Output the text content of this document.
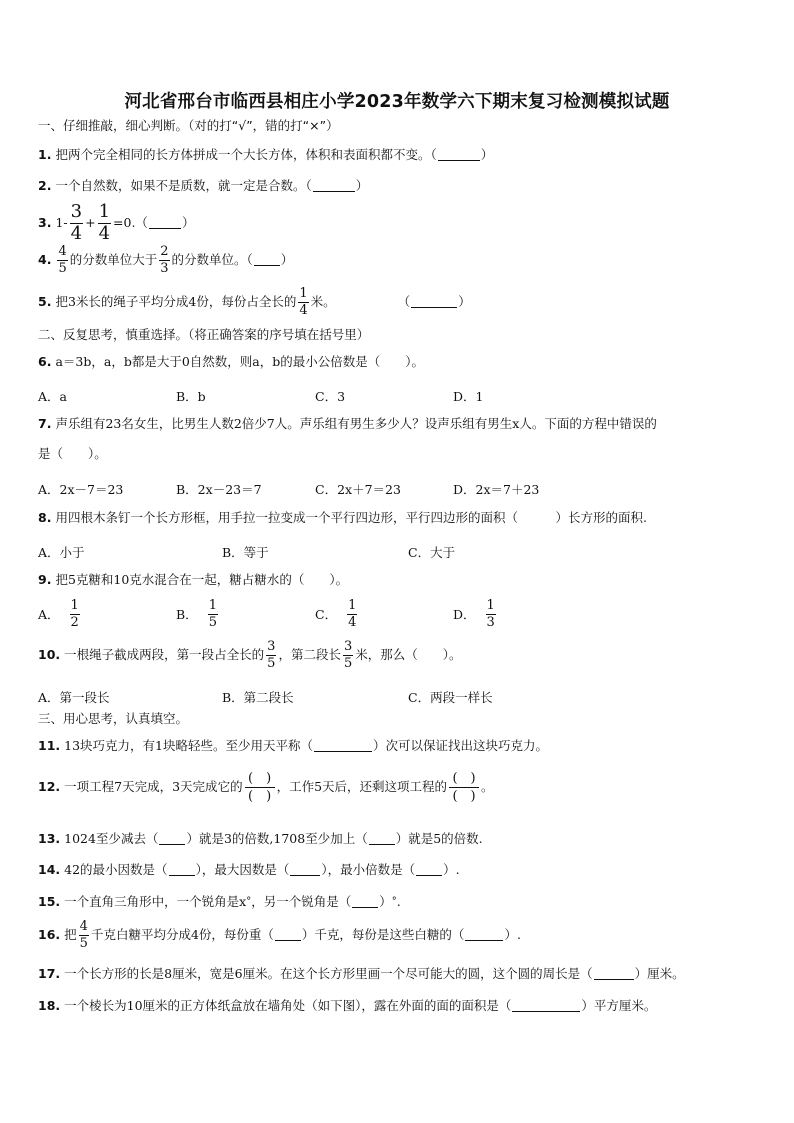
河北省邢台市临西县相庄小学2023年数学六下期末复习检测模拟试题
一、仔细推敲，细心判断。（对的打“√”，错的打“×”）
1. 把两个完全相同的长方体拼成一个大长方体，体积和表面积都不变。（	）
2. 一个自然数，如果不是质数，就一定是合数。（	）
3. $1- \frac{3}{4} + \frac{1}{4} =0$.（	）
4. $\frac{4}{5}$ 的分数单位大于 $\frac{2}{3}$ 的分数单位。（ ）
5. 把3米长的绳子平均分成4份，每份占全长的 $\frac{1}{4}$ 米。	（	）
二、反复思考，慎重选择。（将正确答案的序号填在括号里）
6. a＝3b，a，b都是大于0自然数，则a，b的最小公倍数是（　　）。
A．a	B．b	C．3	D．1
7. 声乐组有23名女生，比男生人数2倍少7人。声乐组有男生多少人？设声乐组有男生x人。下面的方程中错误的
是（　　）。
A．2x－7＝23	B．2x－23＝7	C．2x＋7＝23	D．2x＝7＋23
8. 用四根木条钉一个长方形框，用手拉一拉变成一个平行四边形，平行四边形的面积（　　　）长方形的面积.
A．小于	B．等于	C．大于
9. 把5克糖和10克水混合在一起，糖占糖水的（　　）。
A． $\frac{1}{2}$	B． $\frac{1}{5}$	C． $\frac{1}{4}$	D． $\frac{1}{3}$
10. 一根绳子截成两段，第一段占全长的 $\frac{3}{5}$ ，第二段长 $\frac{3}{5}$ 米，那么（　　）。
A．第一段长	B．第二段长	C．两段一样长
三、用心思考，认真填空。
11. 13块巧克力，有1块略轻些。至少用天平称（	）次可以保证找出这块巧克力。
12. 一项工程7天完成，3天完成它的 $\frac{( )}{( )}$ ，工作5天后，还剩这项工程的 $\frac{( )}{( )}$ 。
13. 1024至少减去（ ）就是3的倍数,1708至少加上（ ）就是5的倍数.
14. 42的最小因数是（ ），最大因数是（	），最小倍数是（ ）.
15. 一个直角三角形中，一个锐角是x ° ，另一个锐角是（ ） ° .
16. 把 $\frac{4}{5}$ 千克白糖平均分成4份，每份重（ ）千克，每份是这些白糖的（	）.
17. 一个长方形的长是8厘米，宽是6厘米。在这个长方形里画一个尽可能大的圆，这个圆的周长是（	）厘米。
18. 一个棱长为10厘米的正方体纸盒放在墙角处（如下图），露在外面的面的面积是（	）平方厘米。
